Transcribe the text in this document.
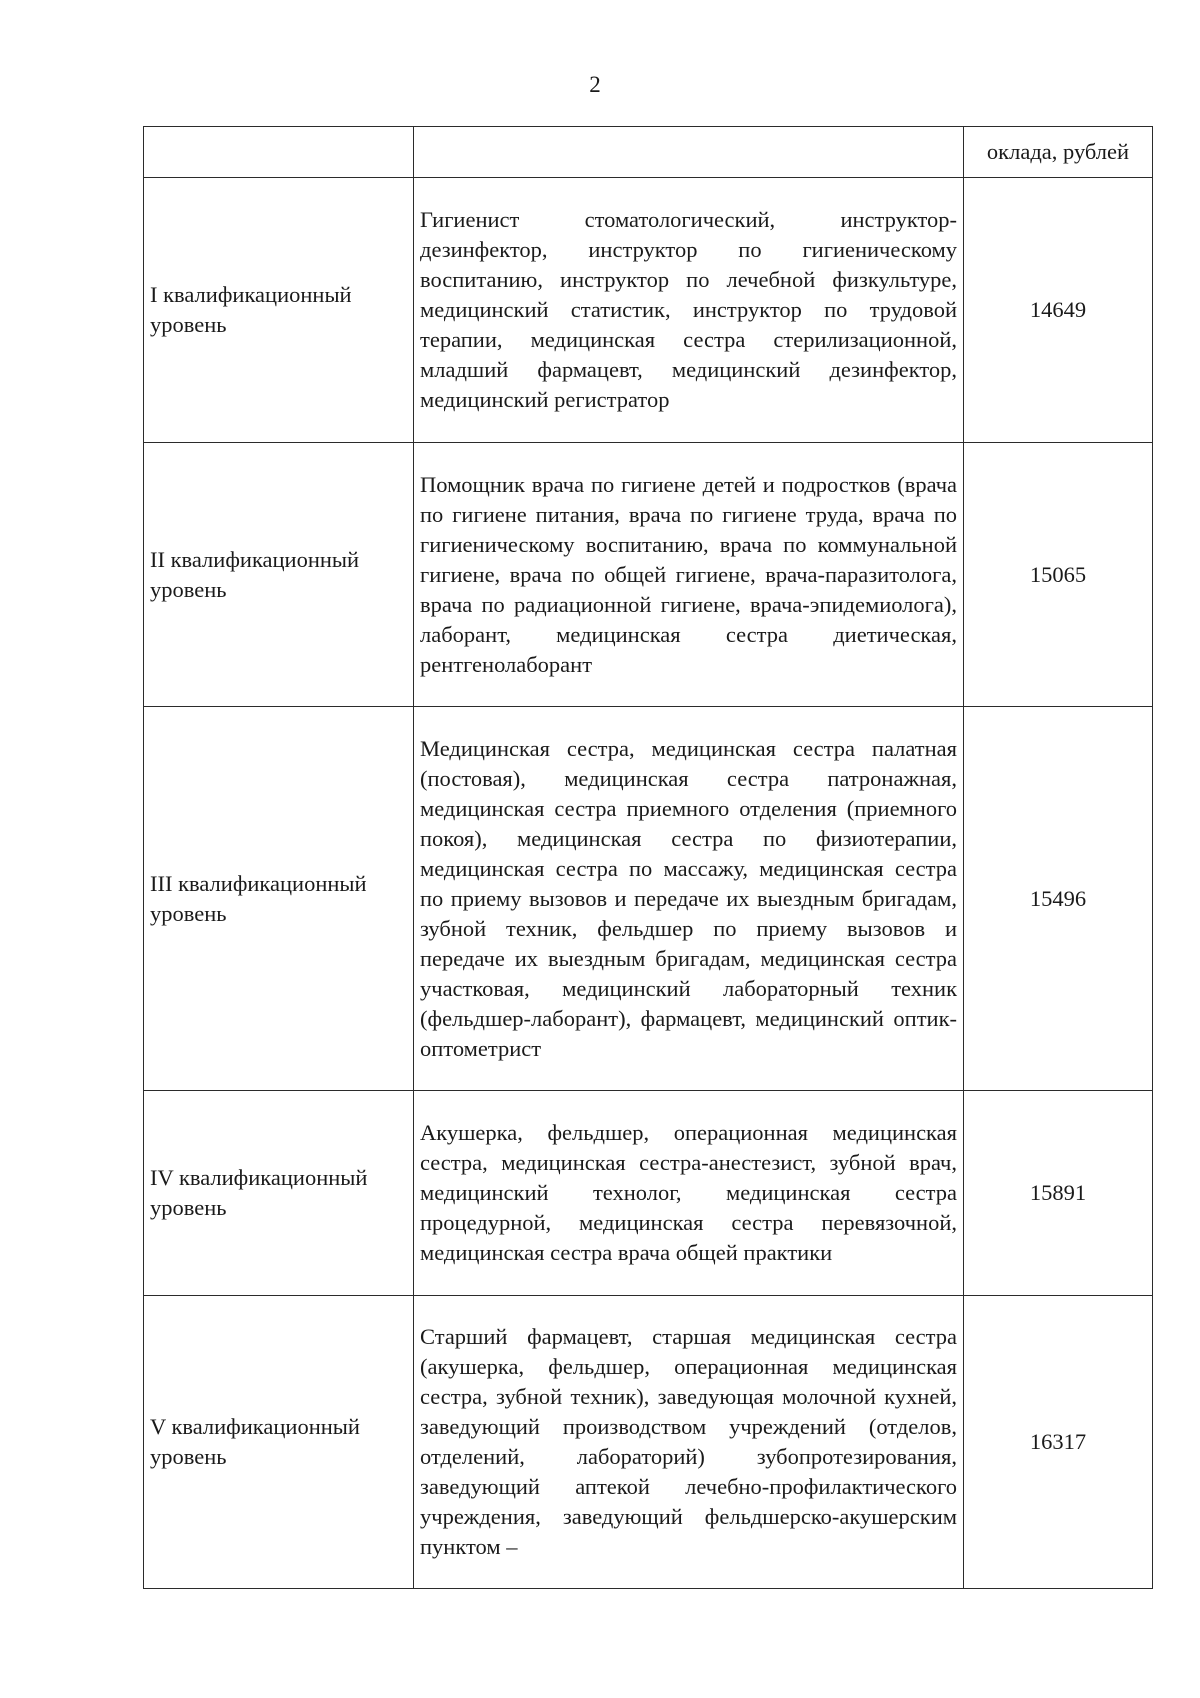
2
		оклада, рублей
I квалификационный уровень	Гигиенист стоматологический, инструктор-дезинфектор, инструктор по гигиеническому воспитанию, инструктор по лечебной физкультуре, медицинский статистик, инструктор по трудовой терапии, медицинская сестра стерилизационной, младший фармацевт, медицинский дезинфектор, медицинский регистратор	14649
II квалификационный уровень	Помощник врача по гигиене детей и подростков (врача по гигиене питания, врача по гигиене труда, врача по гигиеническому воспитанию, врача по коммунальной гигиене, врача по общей гигиене, врача-паразитолога, врача по радиационной гигиене, врача-эпидемиолога), лаборант, медицинская сестра диетическая, рентгенолаборант	15065
III квалификационный уровень	Медицинская сестра, медицинская сестра палатная (постовая), медицинская сестра патронажная, медицинская сестра приемного отделения (приемного покоя), медицинская сестра по физиотерапии, медицинская сестра по массажу, медицинская сестра по приему вызовов и передаче их выездным бригадам, зубной техник, фельдшер по приему вызовов и передаче их выездным бригадам, медицинская сестра участковая, медицинский лабораторный техник (фельдшер-лаборант), фармацевт, медицинский оптик-оптометрист	15496
IV квалификационный уровень	Акушерка, фельдшер, операционная медицинская сестра, медицинская сестра-анестезист, зубной врач, медицинский технолог, медицинская сестра процедурной, медицинская сестра перевязочной, медицинская сестра врача общей практики	15891
V квалификационный уровень	Старший фармацевт, старшая медицинская сестра (акушерка, фельдшер, операционная медицинская сестра, зубной техник), заведующая молочной кухней, заведующий производством учреждений (отделов, отделений, лабораторий) зубопротезирования, заведующий аптекой лечебно-профилактического учреждения, заведующий фельдшерско-акушерским пунктом –	16317
